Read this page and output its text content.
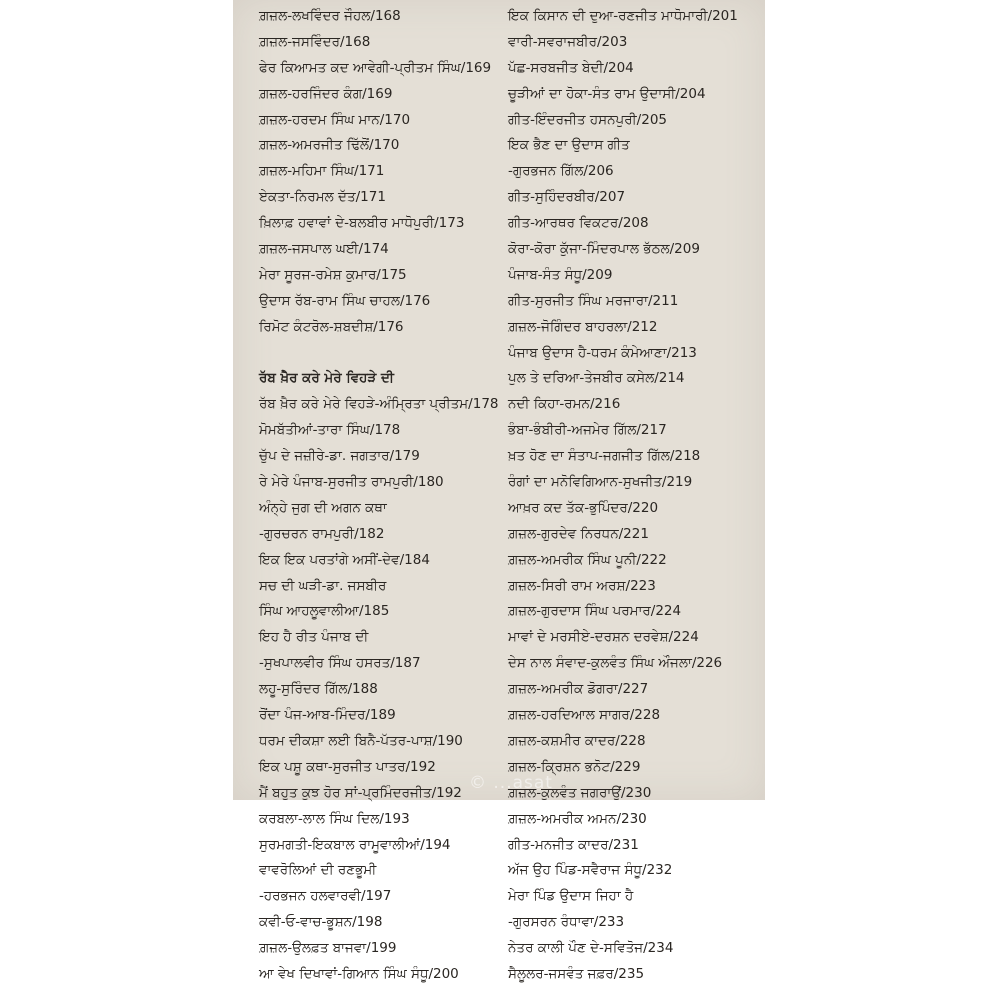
ਗ਼ਜ਼ਲ-ਲਖਵਿੰਦਰ ਜੌਹਲ/168
ਗ਼ਜ਼ਲ-ਜਸਵਿੰਦਰ/168
ਫੇਰ ਕਿਆਮਤ ਕਦ ਆਵੇਗੀ-ਪ੍ਰੀਤਮ ਸਿੰਘ/169
ਗ਼ਜ਼ਲ-ਹਰਜਿੰਦਰ ਕੰਗ/169
ਗ਼ਜ਼ਲ-ਹਰਦਮ ਸਿੰਘ ਮਾਨ/170
ਗ਼ਜ਼ਲ-ਅਮਰਜੀਤ ਢਿੱਲੋਂ/170
ਗ਼ਜ਼ਲ-ਮਹਿਮਾ ਸਿੰਘ/171
ਏਕਤਾ-ਨਿਰਮਲ ਦੱਤ/171
ਖ਼ਿਲਾਫ਼ ਹਵਾਵਾਂ ਦੇ-ਬਲਬੀਰ ਮਾਧੋਪੁਰੀ/173
ਗ਼ਜ਼ਲ-ਜਸਪਾਲ ਘਈ/174
ਮੇਰਾ ਸੂਰਜ-ਰਮੇਸ਼ ਕੁਮਾਰ/175
ਉਦਾਸ ਰੱਬ-ਰਾਮ ਸਿੰਘ ਚਾਹਲ/176
ਰਿਮੋਟ ਕੰਟਰੋਲ-ਸ਼ਬਦੀਸ਼/176
ਰੱਬ ਖ਼ੈਰ ਕਰੇ ਮੇਰੇ ਵਿਹੜੇ ਦੀ
ਰੱਬ ਖ਼ੈਰ ਕਰੇ ਮੇਰੇ ਵਿਹੜੇ-ਅੰਮ੍ਰਿਤਾ ਪ੍ਰੀਤਮ/178
ਮੋਮਬੱਤੀਆਂ-ਤਾਰਾ ਸਿੰਘ/178
ਚੁੱਪ ਦੇ ਜਜ਼ੀਰੇ-ਡਾ. ਜਗਤਾਰ/179
ਰੇ ਮੇਰੇ ਪੰਜਾਬ-ਸੁਰਜੀਤ ਰਾਮਪੁਰੀ/180
ਅੰਨ੍ਹੇ ਜੁਗ ਦੀ ਅਗਨ ਕਥਾ
-ਗੁਰਚਰਨ ਰਾਮਪੁਰੀ/182
ਇਕ ਇਕ ਪਰਤਾਂਗੇ ਅਸੀਂ-ਦੇਵ/184
ਸਚ ਦੀ ਘੜੀ-ਡਾ. ਜਸਬੀਰ
ਸਿੰਘ ਆਹਲੂਵਾਲੀਆ/185
ਇਹ ਹੈ ਰੀਤ ਪੰਜਾਬ ਦੀ
-ਸੁਖਪਾਲਵੀਰ ਸਿੰਘ ਹਸਰਤ/187
ਲਹੂ-ਸੁਰਿੰਦਰ ਗਿੱਲ/188
ਰੋਂਦਾ ਪੰਜ-ਆਬ-ਮਿੰਦਰ/189
ਧਰਮ ਦੀਕਸ਼ਾ ਲਈ ਬਿਨੈ-ਪੱਤਰ-ਪਾਸ਼/190
ਇਕ ਪਸ਼ੂ ਕਥਾ-ਸੁਰਜੀਤ ਪਾਤਰ/192
ਮੈਂ ਬਹੁਤ ਕੁਝ ਹੋਰ ਸਾਂ-ਪ੍ਰਮਿੰਦਰਜੀਤ/192
ਕਰਬਲਾ-ਲਾਲ ਸਿੰਘ ਦਿਲ/193
ਸੁਰਮਗਤੀ-ਇਕਬਾਲ ਰਾਮੂਵਾਲੀਆਂ/194
ਵਾਵਰੋਲਿਆਂ ਦੀ ਰਣਭੂਮੀ
-ਹਰਭਜਨ ਹਲਵਾਰਵੀ/197
ਕਵੀ-ਓ-ਵਾਚ-ਭੂਸ਼ਨ/198
ਗ਼ਜ਼ਲ-ਉਲਫ਼ਤ ਬਾਜਵਾ/199
ਆ ਵੇਖ ਦਿਖਾਵਾਂ-ਗਿਆਨ ਸਿੰਘ ਸੰਧੂ/200
ਇਕ ਕਿਸਾਨ ਦੀ ਦੁਆ-ਰਣਜੀਤ ਮਾਧੋਮਾਰੀ/201
ਵਾਰੀ-ਸਵਰਾਜਬੀਰ/203
ਪੱਛ-ਸਰਬਜੀਤ ਬੇਦੀ/204
ਚੂੜੀਆਂ ਦਾ ਹੋਕਾ-ਸੰਤ ਰਾਮ ਉਦਾਸੀ/204
ਗੀਤ-ਇੰਦਰਜੀਤ ਹਸਨਪੁਰੀ/205
ਇਕ ਭੈਣ ਦਾ ਉਦਾਸ ਗੀਤ
-ਗੁਰਭਜਨ ਗਿੱਲ/206
ਗੀਤ-ਸੁਹਿੰਦਰਬੀਰ/207
ਗੀਤ-ਆਰਥਰ ਵਿਕਟਰ/208
ਕੋਰਾ-ਕੋਰਾ ਕੁੱਜਾ-ਮਿੰਦਰਪਾਲ ਭੱਠਲ/209
ਪੰਜਾਬ-ਸੰਤ ਸੰਧੂ/209
ਗੀਤ-ਸੁਰਜੀਤ ਸਿੰਘ ਮਰਜਾਰਾ/211
ਗ਼ਜ਼ਲ-ਜੋਗਿੰਦਰ ਬਾਹਰਲਾ/212
ਪੰਜਾਬ ਉਦਾਸ ਹੈ-ਧਰਮ ਕੰਮੇਆਣਾ/213
ਪੁਲ ਤੇ ਦਰਿਆ-ਤੇਜਬੀਰ ਕਸੇਲ/214
ਨਦੀ ਕਿਹਾ-ਰਮਨ/216
ਭੰਬਾ-ਭੰਬੀਰੀ-ਅਜਮੇਰ ਗਿੱਲ/217
ਖ਼ਤ ਹੋਣ ਦਾ ਸੰਤਾਪ-ਜਗਜੀਤ ਗਿੱਲ/218
ਰੰਗਾਂ ਦਾ ਮਨੋਵਿਗਿਆਨ-ਸੁਖਜੀਤ/219
ਆਖ਼ਰ ਕਦ ਤੱਕ-ਭੁਪਿੰਦਰ/220
ਗ਼ਜ਼ਲ-ਗੁਰਦੇਵ ਨਿਰਧਨ/221
ਗ਼ਜ਼ਲ-ਅਮਰੀਕ ਸਿੰਘ ਪੂਨੀ/222
ਗ਼ਜ਼ਲ-ਸਿਰੀ ਰਾਮ ਅਰਸ਼/223
ਗ਼ਜ਼ਲ-ਗੁਰਦਾਸ ਸਿੰਘ ਪਰਮਾਰ/224
ਮਾਵਾਂ ਦੇ ਮਰਸੀਏ-ਦਰਸ਼ਨ ਦਰਵੇਸ਼/224
ਦੇਸ ਨਾਲ ਸੰਵਾਦ-ਕੁਲਵੰਤ ਸਿੰਘ ਔਜਲਾ/226
ਗ਼ਜ਼ਲ-ਅਮਰੀਕ ਡੋਗਰਾ/227
ਗ਼ਜ਼ਲ-ਹਰਦਿਆਲ ਸਾਗਰ/228
ਗ਼ਜ਼ਲ-ਕਸ਼ਮੀਰ ਕਾਦਰ/228
ਗ਼ਜ਼ਲ-ਕ੍ਰਿਸ਼ਨ ਭਨੋਟ/229
ਗ਼ਜ਼ਲ-ਕੁਲਵੰਤ ਜਗਰਾਉਂ/230
ਗ਼ਜ਼ਲ-ਅਮਰੀਕ ਅਮਨ/230
ਗੀਤ-ਮਨਜੀਤ ਕਾਦਰ/231
ਅੱਜ ਉਹ ਪਿੰਡ-ਸਵੈਰਾਜ ਸੰਧੂ/232
ਮੇਰਾ ਪਿੰਡ ਉਦਾਸ ਜਿਹਾ ਹੈ
-ਗੁਰਸਰਨ ਰੰਧਾਵਾ/233
ਨੇਤਰ ਕਾਲੀ ਪੌਣ ਦੇ-ਸਵਿਤੋਜ/234
ਸੈਲੂਲਰ-ਜਸਵੰਤ ਜਫ਼ਰ/235
© ...asat
